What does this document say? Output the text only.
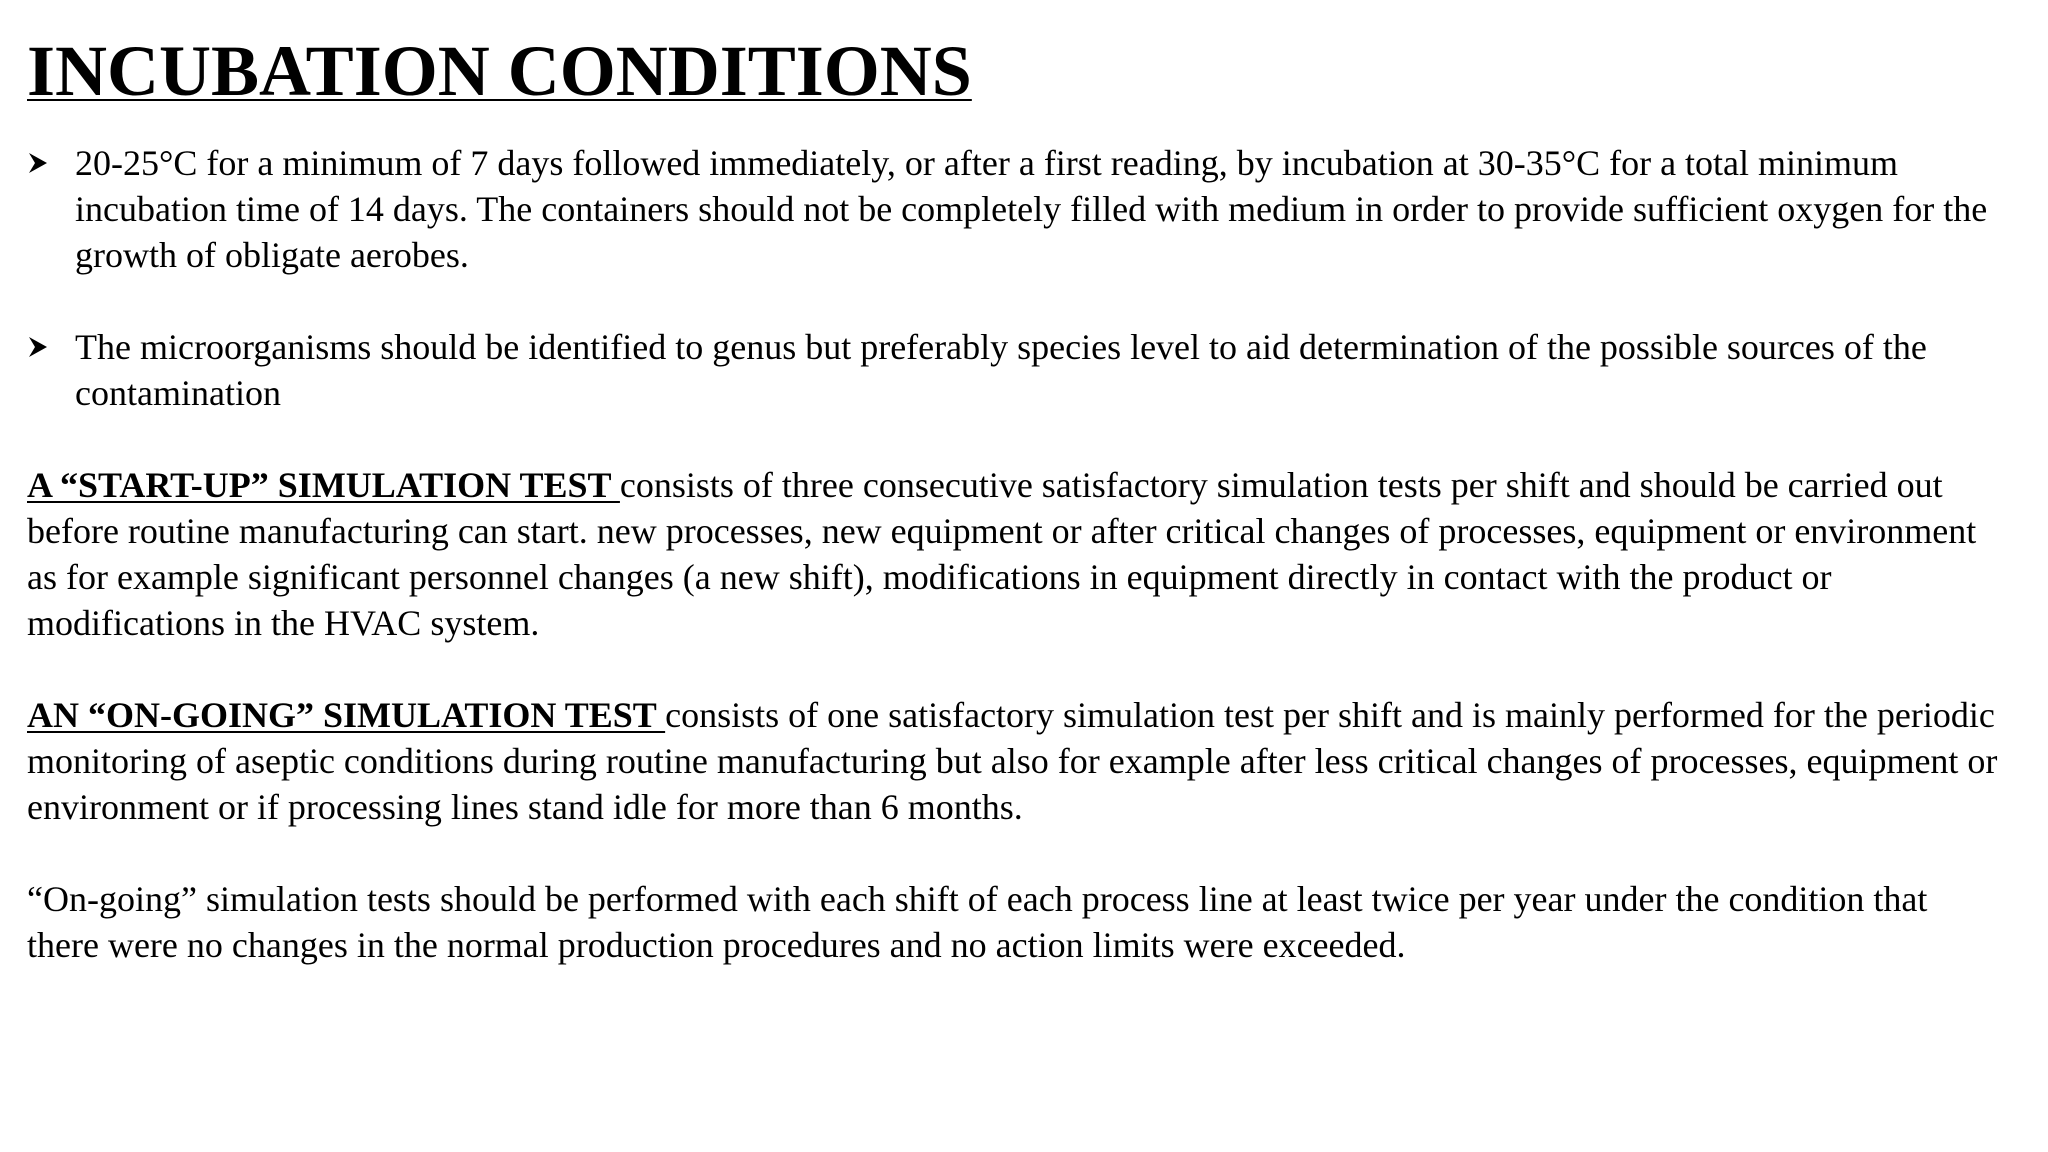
INCUBATION CONDITIONS
20-25°C for a minimum of 7 days followed immediately, or after a first reading, by incubation at 30-35°C for a total minimum incubation time of 14 days. The containers should not be completely filled with medium in order to provide sufficient oxygen for the growth of obligate aerobes.
The microorganisms should be identified to genus but preferably species level to aid determination of the possible sources of the contamination

A “START-UP” SIMULATION TEST consists of three consecutive satisfactory simulation tests per shift and should be carried out before routine manufacturing can start. new processes, new equipment or after critical changes of processes, equipment or environment as for example significant personnel changes (a new shift), modifications in equipment directly in contact with the product or modifications in the HVAC system.

AN “ON-GOING” SIMULATION TEST consists of one satisfactory simulation test per shift and is mainly performed for the periodic monitoring of aseptic conditions during routine manufacturing but also for example after less critical changes of processes, equipment or environment or if processing lines stand idle for more than 6 months.

“On-going” simulation tests should be performed with each shift of each process line at least twice per year under the condition that there were no changes in the normal production procedures and no action limits were exceeded.
